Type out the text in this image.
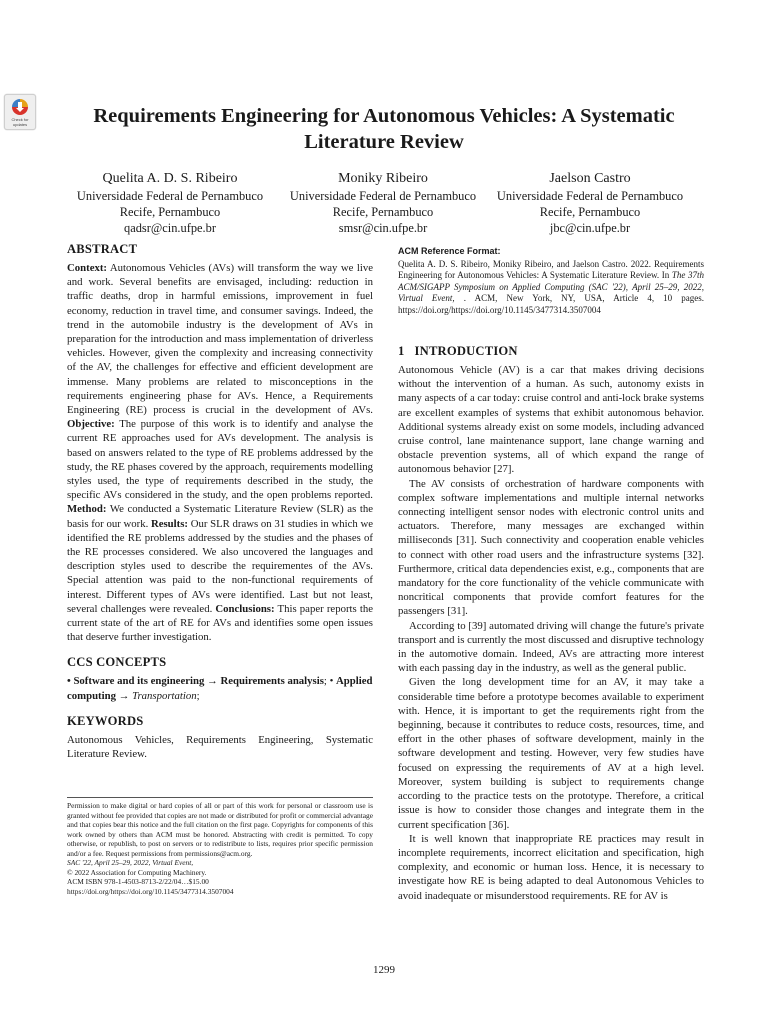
Check for
updates	Requirements Engineering for Autonomous Vehicles: A Systematic Literature Review
Quelita A. D. S. Ribeiro
Universidade Federal de Pernambuco
Recife, Pernambuco
qadsr@cin.ufpe.br
Moniky Ribeiro
Universidade Federal de Pernambuco
Recife, Pernambuco
smsr@cin.ufpe.br
Jaelson Castro
Universidade Federal de Pernambuco
Recife, Pernambuco
jbc@cin.ufpe.br
ABSTRACT

Context: Autonomous Vehicles (AVs) will transform the way we live and work. Several benefits are envisaged, including: reduction in traffic deaths, drop in harmful emissions, improvement in fuel economy, reduction in travel time, and consumer savings. Indeed, the trend in the automobile industry is the development of AVs in preparation for the introduction and mass implementation of driverless vehicles. However, given the complexity and increasing connectivity of the AV, the challenges for effective and efficient development are immense. Many problems are related to misconceptions in the requirements engineering phase for AVs. Hence, a Requirements Engineering (RE) process is crucial in the development of AVs. Objective: The purpose of this work is to identify and analyse the current RE approaches used for AVs development. The analysis is based on answers related to the type of RE problems addressed by the study, the RE phases covered by the approach, requirements modelling styles used, the type of requirements described in the study, the specific AVs considered in the study, and the open problems reported. Method: We conducted a Systematic Literature Review (SLR) as the basis for our work. Results: Our SLR draws on 31 studies in which we identified the RE problems addressed by the studies and the phases of the RE processes considered. We also uncovered the languages and description styles used to describe the requirementes of the AVs. Special attention was paid to the non-functional requirements of interest. Different types of AVs were identified. Last but not least, several challenges were revealed. Conclusions: This paper reports the current state of the art of RE for AVs and identifies some open issues that deserve further investigation.

CCS CONCEPTS

• Software and its engineering → Requirements analysis; • Applied computing → Transportation;

KEYWORDS

Autonomous Vehicles, Requirements Engineering, Systematic Literature Review.

Permission to make digital or hard copies of all or part of this work for personal or classroom use is granted without fee provided that copies are not made or distributed for profit or commercial advantage and that copies bear this notice and the full citation on the first page. Copyrights for components of this work owned by others than ACM must be honored. Abstracting with credit is permitted. To copy otherwise, or republish, to post on servers or to redistribute to lists, requires prior specific permission and/or a fee. Request permissions from permissions@acm.org.

SAC '22, April 25–29, 2022, Virtual Event,

© 2022 Association for Computing Machinery.

ACM ISBN 978-1-4503-8713-2/22/04…$15.00

https://doi.org/https://doi.org/10.1145/3477314.3507004

ACM Reference Format:
Quelita A. D. S. Ribeiro, Moniky Ribeiro, and Jaelson Castro. 2022. Requirements Engineering for Autonomous Vehicles: A Systematic Literature Review. In The 37th ACM/SIGAPP Symposium on Applied Computing (SAC '22), April 25–29, 2022, Virtual Event, . ACM, New York, NY, USA, Article 4, 10 pages. https://doi.org/https://doi.org/10.1145/3477314.3507004
1   INTRODUCTION

Autonomous Vehicle (AV) is a car that makes driving decisions without the intervention of a human. As such, autonomy exists in many aspects of a car today: cruise control and anti-lock brake systems are excellent examples of systems that exhibit autonomous behavior. Additional systems already exist on some models, including advanced cruise control, lane maintenance support, lane change warning and obstacle prevention systems, all of which expand the range of autonomous behavior [27].

The AV consists of orchestration of hardware components with complex software implementations and multiple internal networks connecting intelligent sensor nodes with electronic control units and actuators. Therefore, many messages are exchanged within milliseconds [31]. Such connectivity and cooperation enable vehicles to connect with other road users and the infrastructure systems [32]. Furthermore, critical data dependencies exist, e.g., components that are mandatory for the core functionality of the vehicle communicate with noncritical components that provide comfort features for the passengers [31].

According to [39] automated driving will change the future's private transport and is currently the most discussed and disruptive technology in the automotive domain. Indeed, AVs are attracting more interest with each passing day in the industry, as well as the general public.

Given the long development time for an AV, it may take a considerable time before a prototype becomes available to experiment with. Hence, it is important to get the requirements right from the beginning, because it contributes to reduce costs, resources, time, and effort in the other phases of software development, mainly in the software development and testing. However, very few studies have focused on expressing the requirements of AV at a high level. Moreover, system building is subject to requirements change according to the practice tests on the prototype. Therefore, a critical issue is how to consider those changes and integrate them in the current specification [36].

It is well known that inappropriate RE practices may result in incomplete requirements, incorrect elicitation and specification, high complexity, and economic or human loss. Hence, it is necessary to investigate how RE is being adapted to deal Autonomous Vehicles to avoid inadequate or misunderstood requirements. RE for AV is

1299
